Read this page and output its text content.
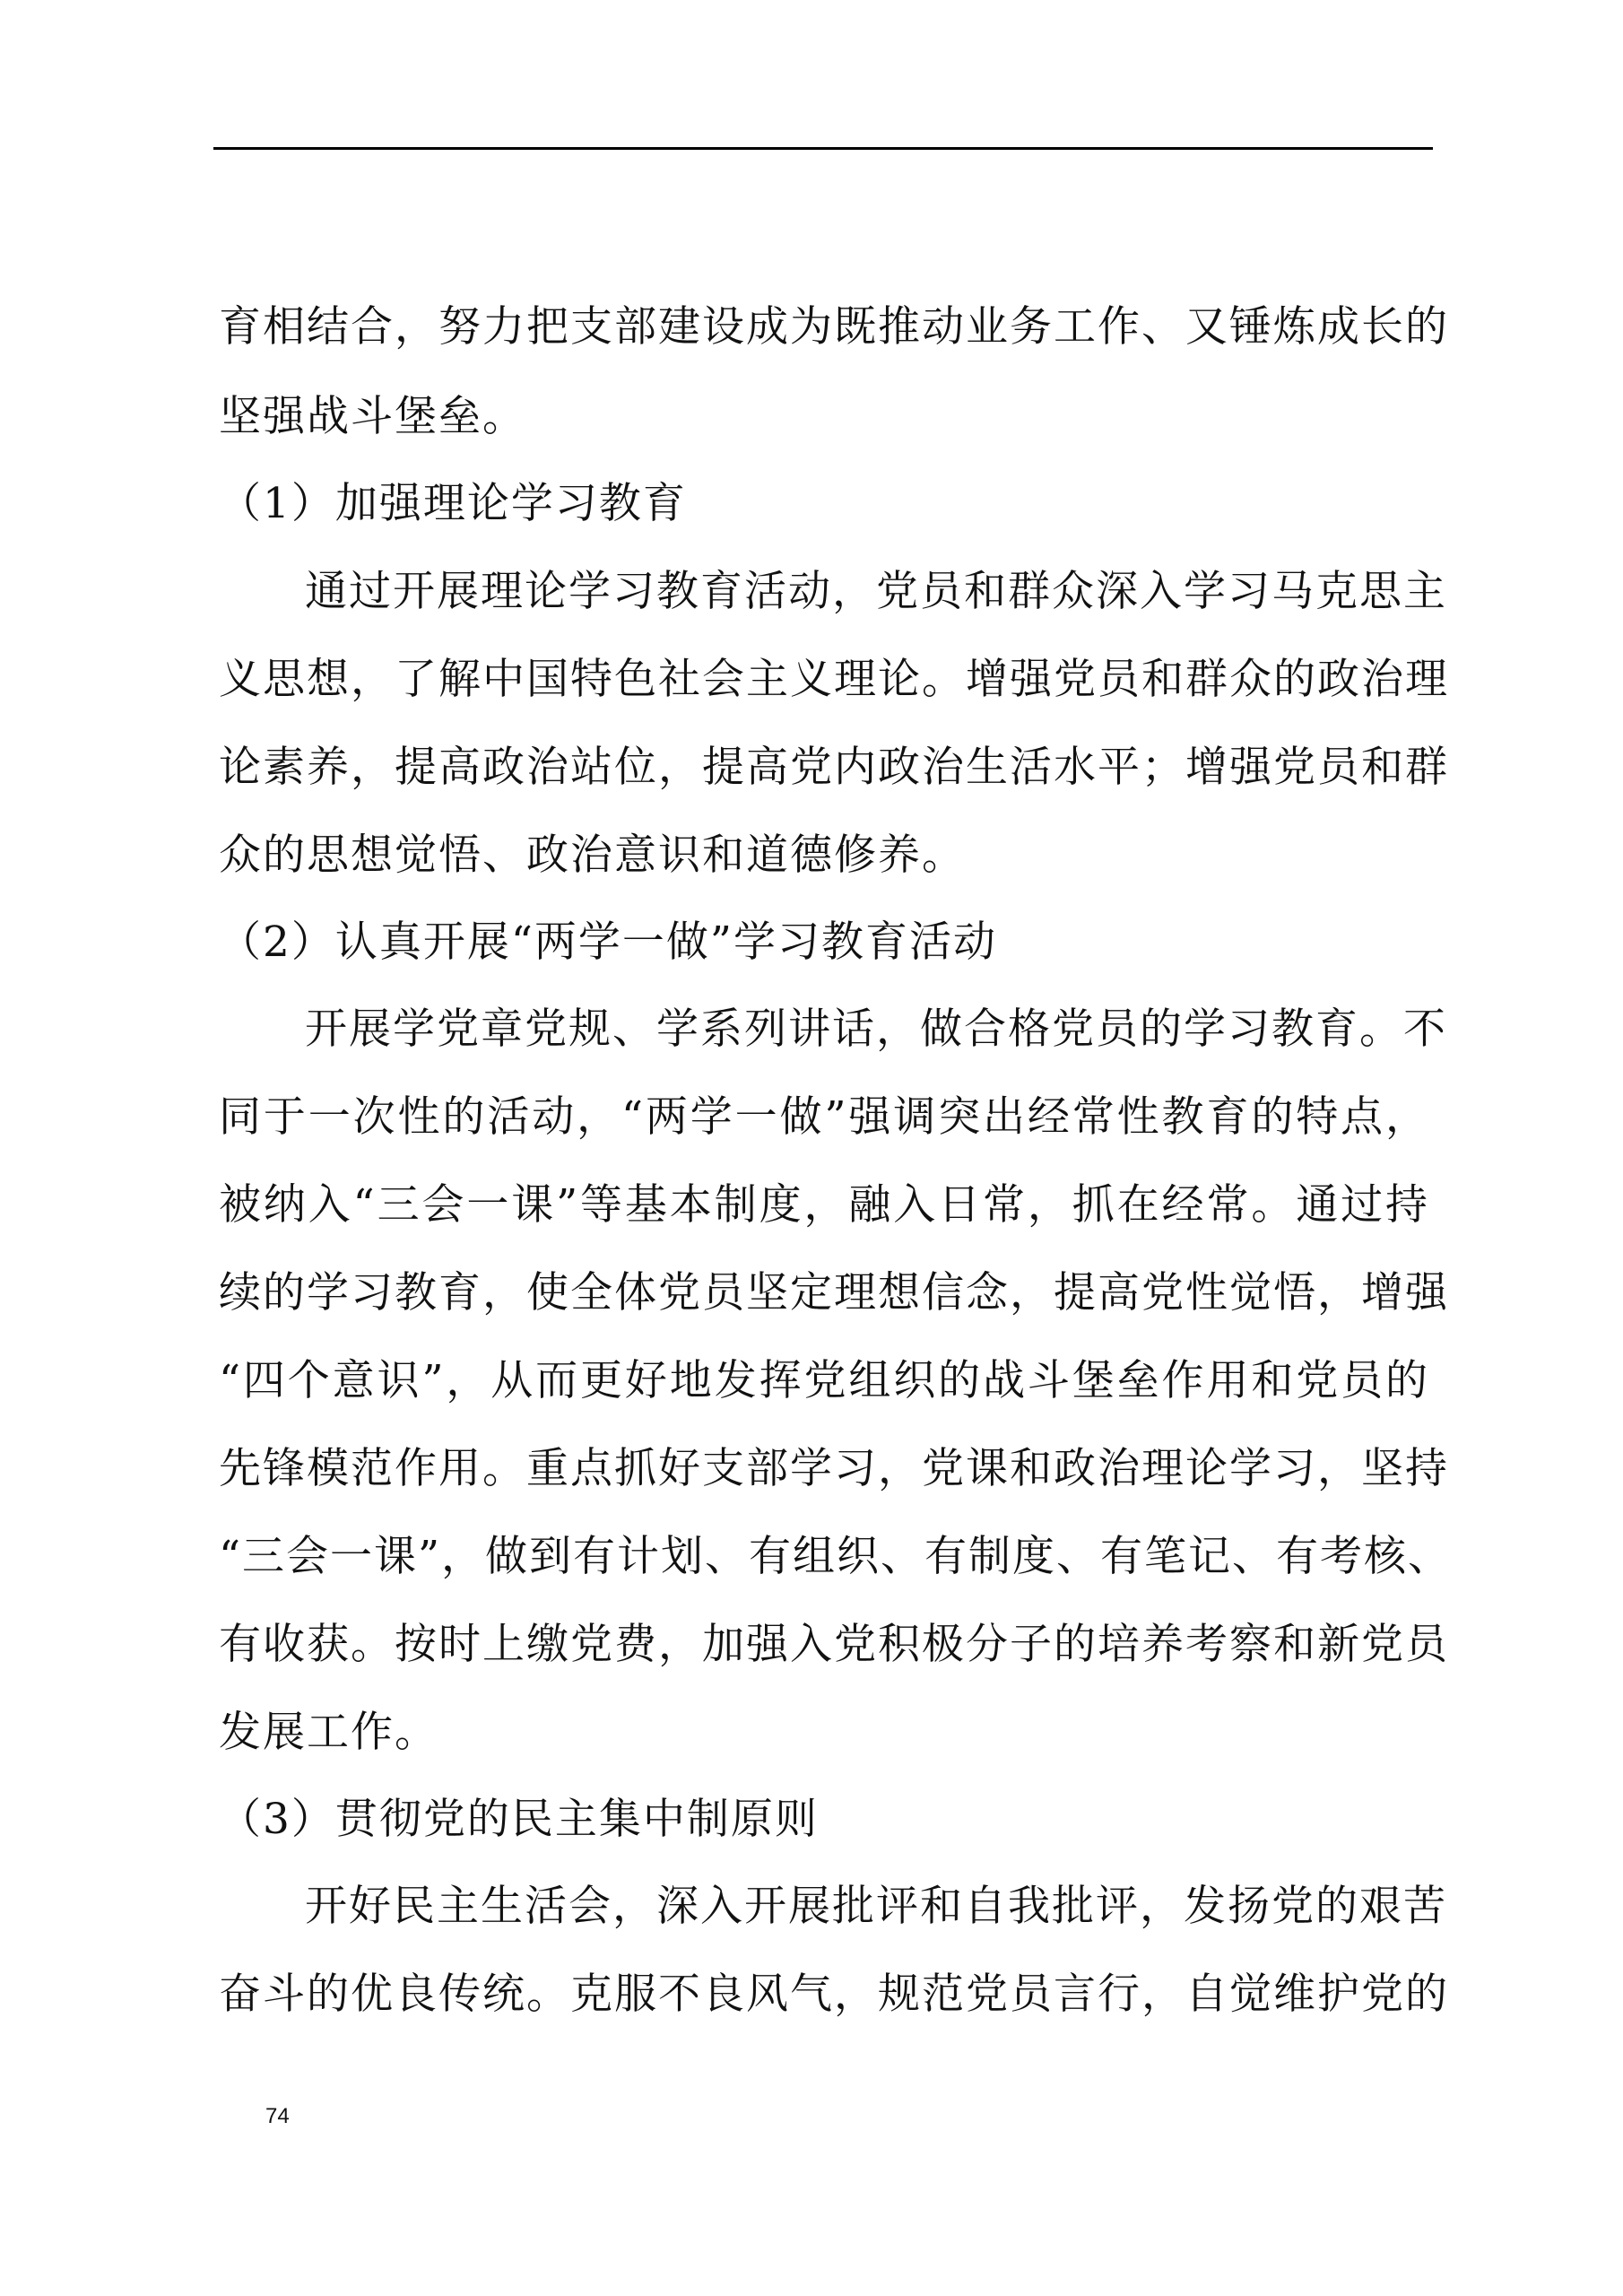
育相结合，努力把支部建设成为既推动业务工作、又锤炼成长的
坚强战斗堡垒。
（1）加强理论学习教育
通过开展理论学习教育活动，党员和群众深入学习马克思主
义思想，了解中国特色社会主义理论。增强党员和群众的政治理
论素养，提高政治站位，提高党内政治生活水平；增强党员和群
众的思想觉悟、政治意识和道德修养。
（2）认真开展“两学一做”学习教育活动
开展学党章党规、学系列讲话，做合格党员的学习教育。不
同于一次性的活动，“两学一做”强调突出经常性教育的特点，
被纳入“三会一课”等基本制度，融入日常，抓在经常。通过持
续的学习教育，使全体党员坚定理想信念，提高党性觉悟，增强
“四个意识”，从而更好地发挥党组织的战斗堡垒作用和党员的
先锋模范作用。重点抓好支部学习，党课和政治理论学习，坚持
“三会一课”，做到有计划、有组织、有制度、有笔记、有考核、
有收获。按时上缴党费，加强入党积极分子的培养考察和新党员
发展工作。
（3）贯彻党的民主集中制原则
开好民主生活会，深入开展批评和自我批评，发扬党的艰苦
奋斗的优良传统。克服不良风气，规范党员言行，自觉维护党的
74
